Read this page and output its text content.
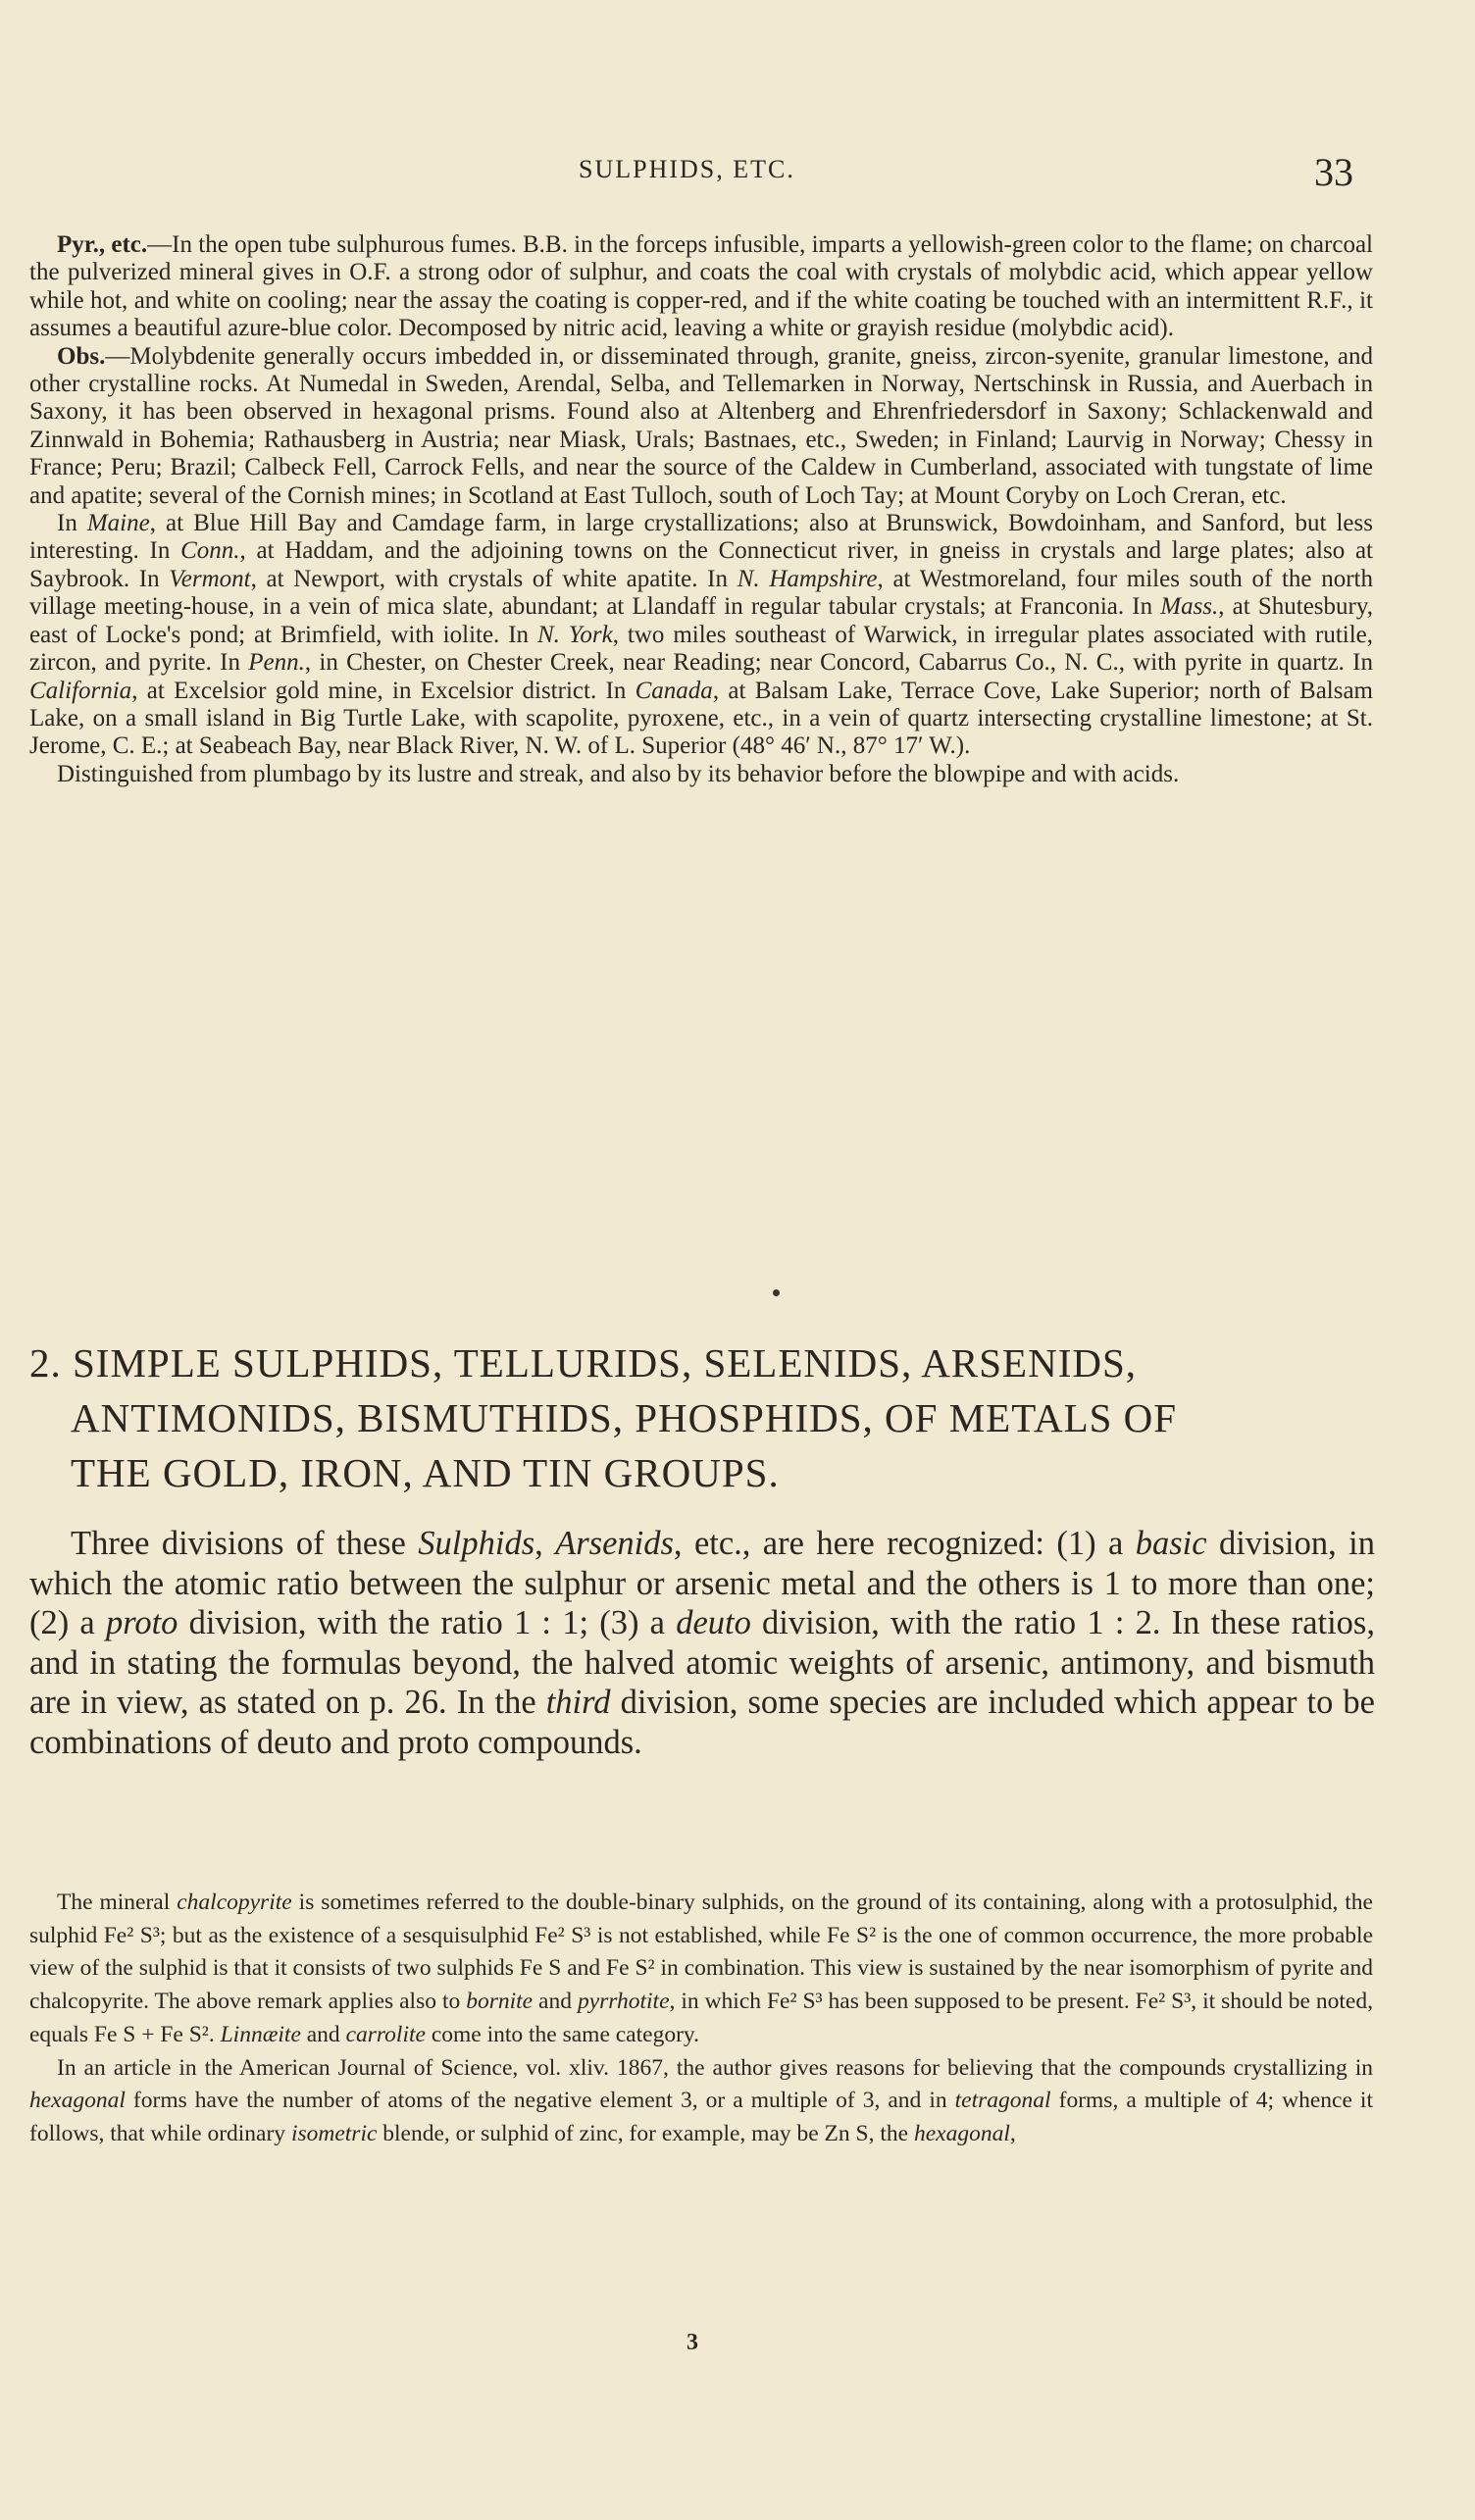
SULPHIDS, ETC.	33

Pyr., etc.—In the open tube sulphurous fumes. B.B. in the forceps infusible, imparts a yellowish-green color to the flame; on charcoal the pulverized mineral gives in O.F. a strong odor of sulphur, and coats the coal with crystals of molybdic acid, which appear yellow while hot, and white on cooling; near the assay the coating is copper-red, and if the white coating be touched with an intermittent R.F., it assumes a beautiful azure-blue color. Decomposed by nitric acid, leaving a white or grayish residue (molybdic acid).

Obs.—Molybdenite generally occurs imbedded in, or disseminated through, granite, gneiss, zircon-syenite, granular limestone, and other crystalline rocks. At Numedal in Sweden, Arendal, Selba, and Tellemarken in Norway, Nertschinsk in Russia, and Auerbach in Saxony, it has been observed in hexagonal prisms. Found also at Altenberg and Ehrenfriedersdorf in Saxony; Schlackenwald and Zinnwald in Bohemia; Rathausberg in Austria; near Miask, Urals; Bastnaes, etc., Sweden; in Finland; Laurvig in Norway; Chessy in France; Peru; Brazil; Calbeck Fell, Carrock Fells, and near the source of the Caldew in Cumberland, associated with tungstate of lime and apatite; several of the Cornish mines; in Scotland at East Tulloch, south of Loch Tay; at Mount Coryby on Loch Creran, etc.

In Maine, at Blue Hill Bay and Camdage farm, in large crystallizations; also at Brunswick, Bowdoinham, and Sanford, but less interesting. In Conn., at Haddam, and the adjoining towns on the Connecticut river, in gneiss in crystals and large plates; also at Saybrook. In Vermont, at Newport, with crystals of white apatite. In N. Hampshire, at Westmoreland, four miles south of the north village meeting-house, in a vein of mica slate, abundant; at Llandaff in regular tabular crystals; at Franconia. In Mass., at Shutesbury, east of Locke's pond; at Brimfield, with iolite. In N. York, two miles southeast of Warwick, in irregular plates associated with rutile, zircon, and pyrite. In Penn., in Chester, on Chester Creek, near Reading; near Concord, Cabarrus Co., N. C., with pyrite in quartz. In California, at Excelsior gold mine, in Excelsior district. In Canada, at Balsam Lake, Terrace Cove, Lake Superior; north of Balsam Lake, on a small island in Big Turtle Lake, with scapolite, pyroxene, etc., in a vein of quartz intersecting crystalline limestone; at St. Jerome, C. E.; at Seabeach Bay, near Black River, N. W. of L. Superior (48° 46′ N., 87° 17′ W.).

Distinguished from plumbago by its lustre and streak, and also by its behavior before the blowpipe and with acids.

2. SIMPLE SULPHIDS, TELLURIDS, SELENIDS, ARSENIDS,
ANTIMONIDS, BISMUTHIDS, PHOSPHIDS, OF METALS OF
THE GOLD, IRON, AND TIN GROUPS.

Three divisions of these Sulphids, Arsenids, etc., are here recognized: (1) a basic division, in which the atomic ratio between the sulphur or arsenic metal and the others is 1 to more than one; (2) a proto division, with the ratio 1 : 1; (3) a deuto division, with the ratio 1 : 2. In these ratios, and in stating the formulas beyond, the halved atomic weights of arsenic, antimony, and bismuth are in view, as stated on p. 26. In the third division, some species are included which appear to be combinations of deuto and proto compounds.

The mineral chalcopyrite is sometimes referred to the double-binary sulphids, on the ground of its containing, along with a protosulphid, the sulphid Fe² S³; but as the existence of a sesquisulphid Fe² S³ is not established, while Fe S² is the one of common occurrence, the more probable view of the sulphid is that it consists of two sulphids Fe S and Fe S² in combination. This view is sustained by the near isomorphism of pyrite and chalcopyrite. The above remark applies also to bornite and pyrrhotite, in which Fe² S³ has been supposed to be present. Fe² S³, it should be noted, equals Fe S + Fe S². Linnæite and carrolite come into the same category.

In an article in the American Journal of Science, vol. xliv. 1867, the author gives reasons for believing that the compounds crystallizing in hexagonal forms have the number of atoms of the negative element 3, or a multiple of 3, and in tetragonal forms, a multiple of 4; whence it follows, that while ordinary isometric blende, or sulphid of zinc, for example, may be Zn S, the hexagonal,

3
